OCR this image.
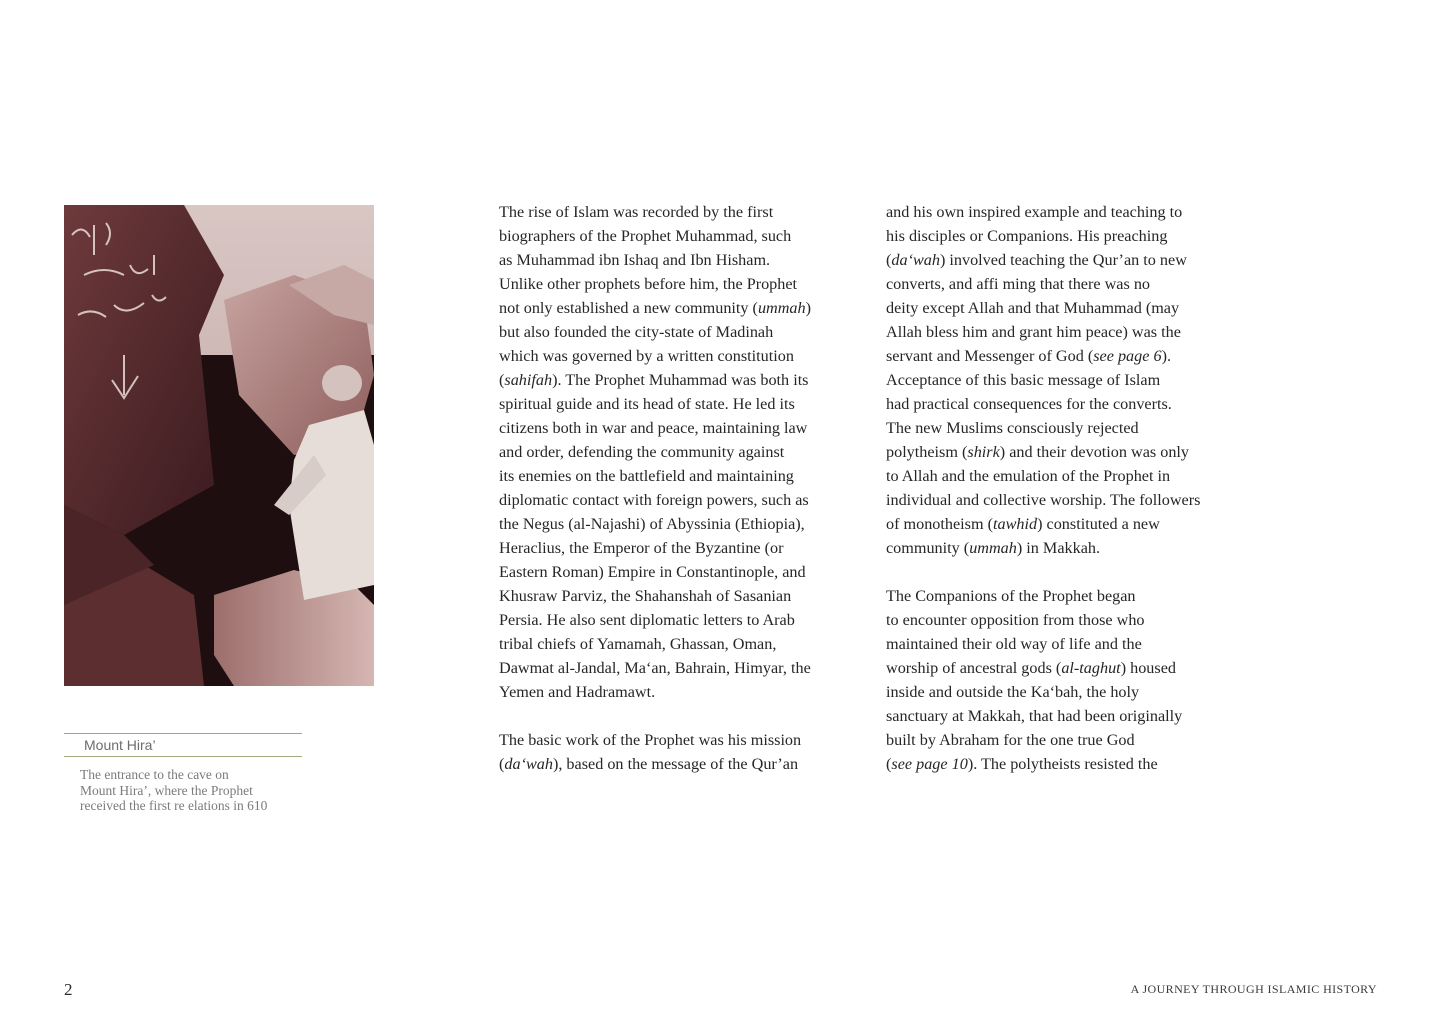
Mount Hira’
The entrance to the cave on
Mount Hira’, where the Prophet
received the first re elations in 610
The rise of Islam was recorded by the first
biographers of the Prophet Muhammad, such
as Muhammad ibn Ishaq and Ibn Hisham.
Unlike other prophets before him, the Prophet
not only established a new community (ummah)
but also founded the city-state of Madinah
which was governed by a written constitution
(sahifah). The Prophet Muhammad was both its
spiritual guide and its head of state. He led its
citizens both in war and peace, maintaining law
and order, defending the community against
its enemies on the battlefield and maintaining
diplomatic contact with foreign powers, such as
the Negus (al-Najashi) of Abyssinia (Ethiopia),
Heraclius, the Emperor of the Byzantine (or
Eastern Roman) Empire in Constantinople, and
Khusraw Parviz, the Shahanshah of Sasanian
Persia. He also sent diplomatic letters to Arab
tribal chiefs of Yamamah, Ghassan, Oman,
Dawmat al-Jandal, Ma‘an, Bahrain, Himyar, the
Yemen and Hadramawt.
The basic work of the Prophet was his mission
(da‘wah), based on the message of the Qur’an
and his own inspired example and teaching to
his disciples or Companions. His preaching
(da‘wah) involved teaching the Qur’an to new
converts, and affi ming that there was no
deity except Allah and that Muhammad (may
Allah bless him and grant him peace) was the
servant and Messenger of God (see page 6).
Acceptance of this basic message of Islam
had practical consequences for the converts.
The new Muslims consciously rejected
polytheism (shirk) and their devotion was only
to Allah and the emulation of the Prophet in
individual and collective worship. The followers
of monotheism (tawhid) constituted a new
community (ummah) in Makkah.
The Companions of the Prophet began
to encounter opposition from those who
maintained their old way of life and the
worship of ancestral gods (al-taghut) housed
inside and outside the Ka‘bah, the holy
sanctuary at Makkah, that had been originally
built by Abraham for the one true God
(see page 10). The polytheists resisted the
2	A JOURNEY THROUGH ISLAMIC HISTORY
